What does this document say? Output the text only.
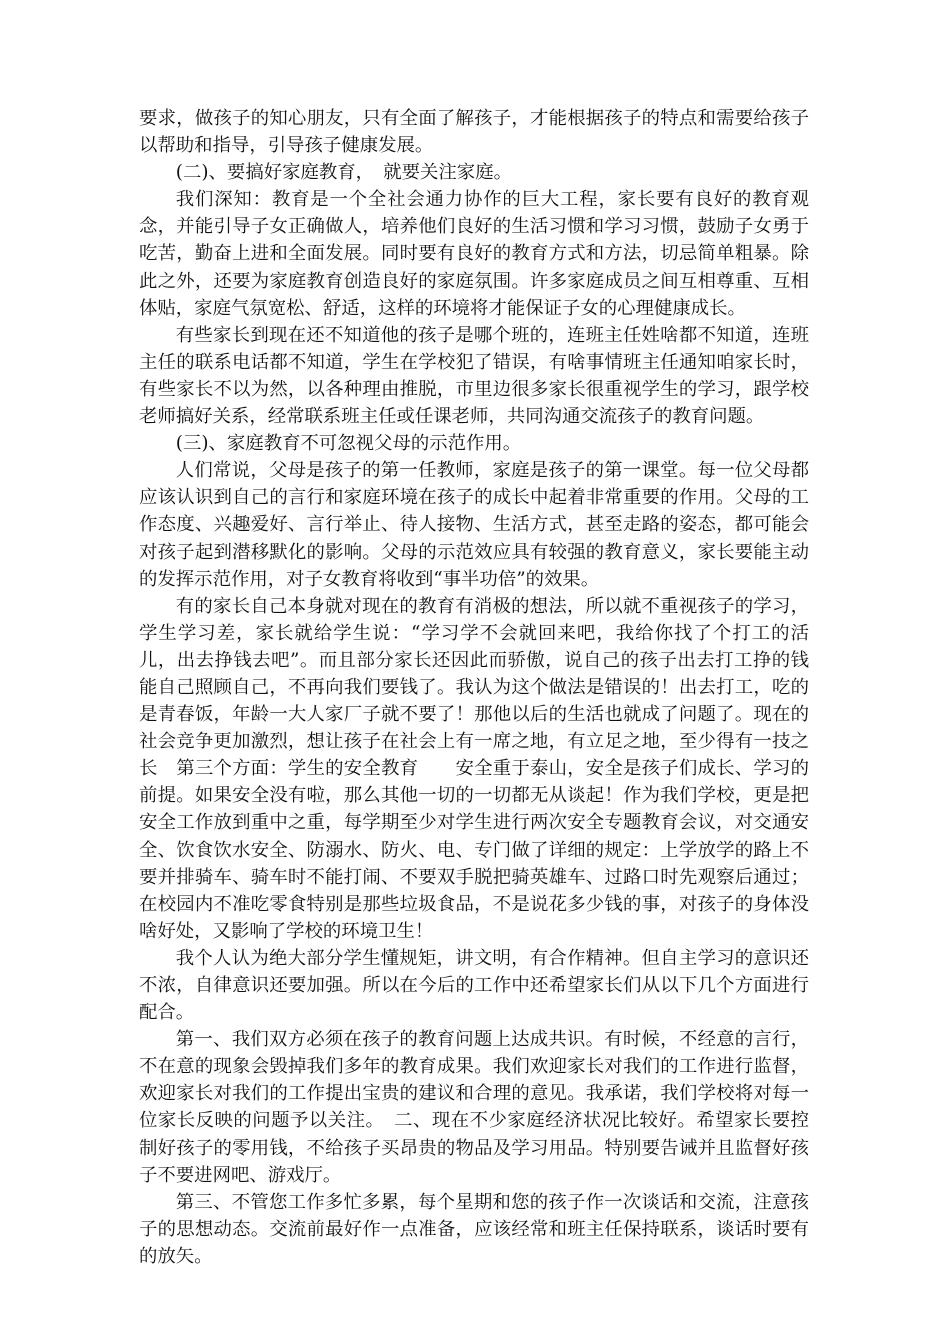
要求，做孩子的知心朋友，只有全面了解孩子，才能根据孩子的特点和需要给孩子以帮助和指导，引导孩子健康发展。

(二)、要搞好家庭教育，　就要关注家庭。

我们深知：教育是一个全社会通力协作的巨大工程，家长要有良好的教育观念，并能引导子女正确做人，培养他们良好的生活习惯和学习习惯，鼓励子女勇于吃苦，勤奋上进和全面发展。同时要有良好的教育方式和方法，切忌简单粗暴。除此之外，还要为家庭教育创造良好的家庭氛围。许多家庭成员之间互相尊重、互相体贴，家庭气氛宽松、舒适，这样的环境将才能保证子女的心理健康成长。

有些家长到现在还不知道他的孩子是哪个班的，连班主任姓啥都不知道，连班主任的联系电话都不知道，学生在学校犯了错误，有啥事情班主任通知咱家长时，有些家长不以为然，以各种理由推脱，市里边很多家长很重视学生的学习，跟学校老师搞好关系，经常联系班主任或任课老师，共同沟通交流孩子的教育问题。

(三)、家庭教育不可忽视父母的示范作用。

人们常说，父母是孩子的第一任教师，家庭是孩子的第一课堂。每一位父母都应该认识到自己的言行和家庭环境在孩子的成长中起着非常重要的作用。父母的工作态度、兴趣爱好、言行举止、待人接物、生活方式，甚至走路的姿态，都可能会对孩子起到潜移默化的影响。父母的示范效应具有较强的教育意义，家长要能主动的发挥示范作用，对子女教育将收到“事半功倍”的效果。

有的家长自己本身就对现在的教育有消极的想法，所以就不重视孩子的学习，学生学习差，家长就给学生说：“学习学不会就回来吧，我给你找了个打工的活儿，出去挣钱去吧”。而且部分家长还因此而骄傲，说自己的孩子出去打工挣的钱能自己照顾自己，不再向我们要钱了。我认为这个做法是错误的！出去打工，吃的是青春饭，年龄一大人家厂子就不要了！那他以后的生活也就成了问题了。现在的社会竞争更加激烈，想让孩子在社会上有一席之地，有立足之地，至少得有一技之长　第三个方面：学生的安全教育　　安全重于泰山，安全是孩子们成长、学习的前提。如果安全没有啦，那么其他一切的一切都无从谈起！作为我们学校，更是把安全工作放到重中之重，每学期至少对学生进行两次安全专题教育会议，对交通安全、饮食饮水安全、防溺水、防火、电、专门做了详细的规定：上学放学的路上不要并排骑车、骑车时不能打闹、不要双手脱把骑英雄车、过路口时先观察后通过；在校园内不准吃零食特别是那些垃圾食品，不是说花多少钱的事，对孩子的身体没啥好处，又影响了学校的环境卫生！

我个人认为绝大部分学生懂规矩，讲文明，有合作精神。但自主学习的意识还不浓，自律意识还要加强。所以在今后的工作中还希望家长们从以下几个方面进行配合。

第一、我们双方必须在孩子的教育问题上达成共识。有时候，不经意的言行，不在意的现象会毁掉我们多年的教育成果。我们欢迎家长对我们的工作进行监督，欢迎家长对我们的工作提出宝贵的建议和合理的意见。我承诺，我们学校将对每一位家长反映的问题予以关注。　二、现在不少家庭经济状况比较好。希望家长要控制好孩子的零用钱，不给孩子买昂贵的物品及学习用品。特别要告诫并且监督好孩子不要进网吧、游戏厅。

第三、不管您工作多忙多累，每个星期和您的孩子作一次谈话和交流，注意孩子的思想动态。交流前最好作一点准备，应该经常和班主任保持联系，谈话时要有的放矢。
